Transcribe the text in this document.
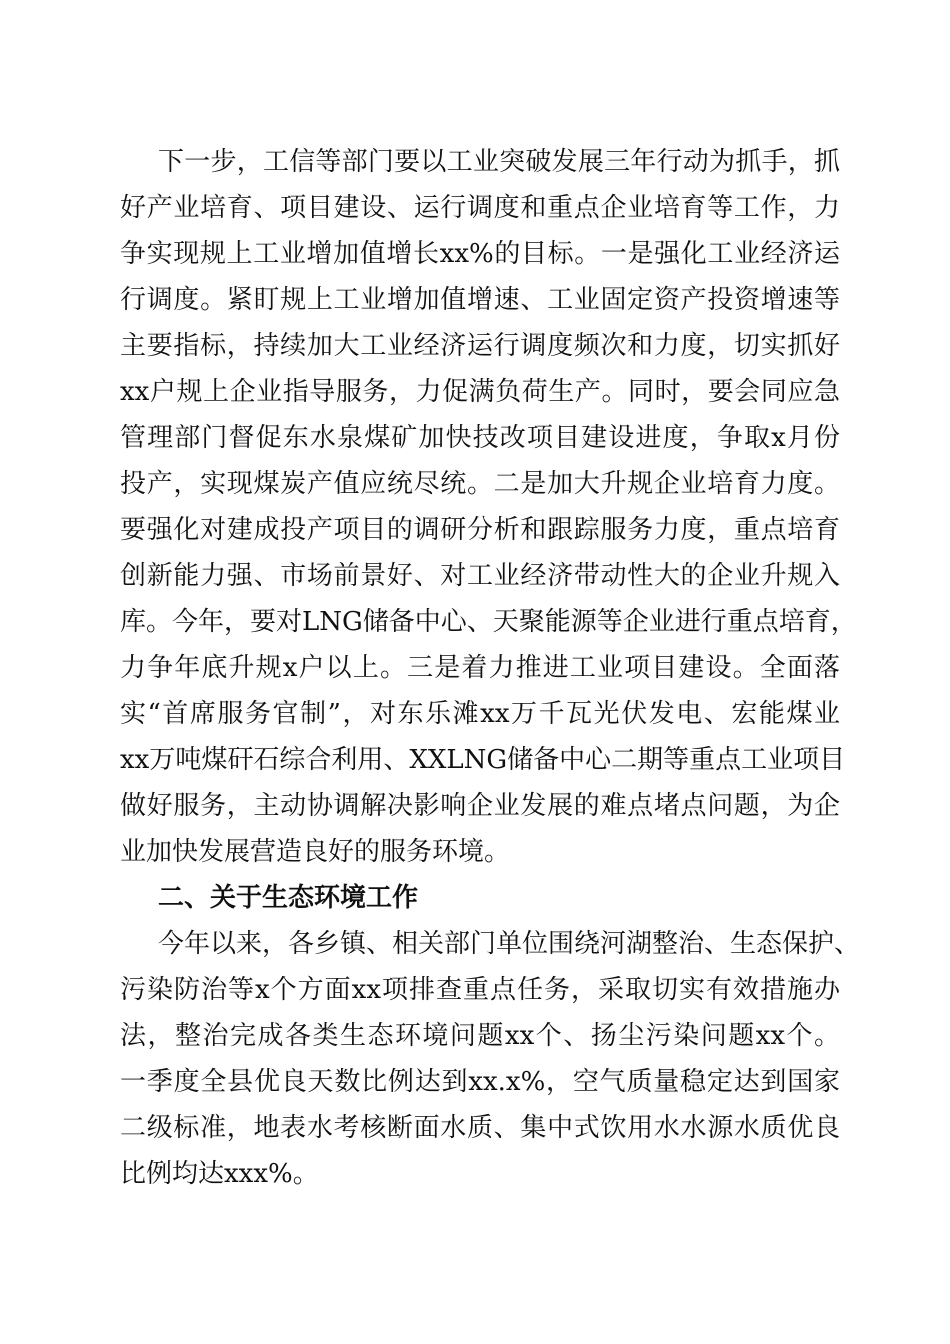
下一步，工信等部门要以工业突破发展三年行动为抓手，抓
好产业培育、项目建设、运行调度和重点企业培育等工作，力
争实现规上工业增加值增长xx%的目标。一是强化工业经济运
行调度。紧盯规上工业增加值增速、工业固定资产投资增速等
主要指标，持续加大工业经济运行调度频次和力度，切实抓好
xx户规上企业指导服务，力促满负荷生产。同时，要会同应急
管理部门督促东水泉煤矿加快技改项目建设进度，争取x月份
投产，实现煤炭产值应统尽统。二是加大升规企业培育力度。
要强化对建成投产项目的调研分析和跟踪服务力度，重点培育
创新能力强、市场前景好、对工业经济带动性大的企业升规入
库。今年，要对LNG储备中心、天聚能源等企业进行重点培育，
力争年底升规x户以上。三是着力推进工业项目建设。全面落
实“首席服务官制”，对东乐滩xx万千瓦光伏发电、宏能煤业
xx万吨煤矸石综合利用、XXLNG储备中心二期等重点工业项目
做好服务，主动协调解决影响企业发展的难点堵点问题，为企
业加快发展营造良好的服务环境。
二、关于生态环境工作
今年以来，各乡镇、相关部门单位围绕河湖整治、生态保护、
污染防治等x个方面xx项排查重点任务，采取切实有效措施办
法，整治完成各类生态环境问题xx个、扬尘污染问题xx个。
一季度全县优良天数比例达到xx.x%，空气质量稳定达到国家
二级标准，地表水考核断面水质、集中式饮用水水源水质优良
比例均达xxx%。
